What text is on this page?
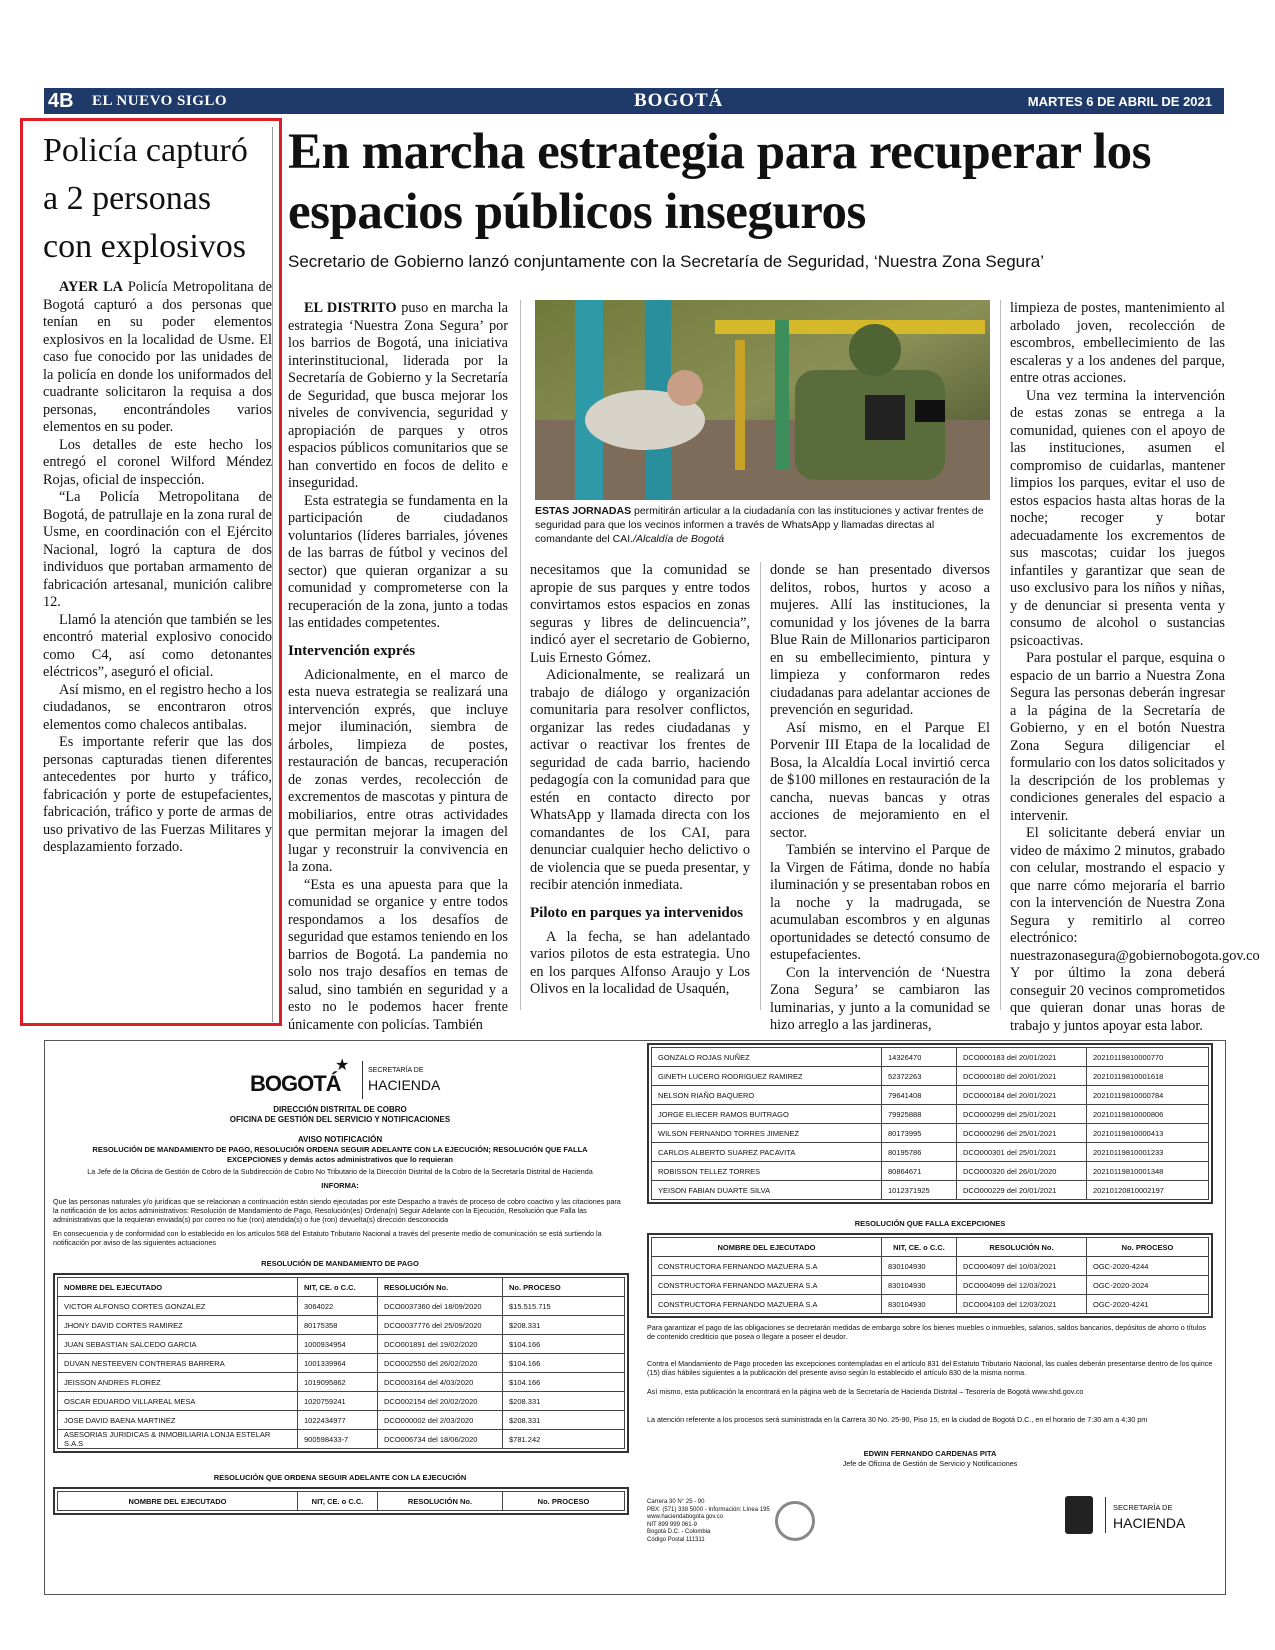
4B	EL NUEVO SIGLO	BOGOTÁ	MARTES 6 DE ABRIL DE 2021
Policía capturó a 2 personas con explosivos

AYER LA Policía Metropolitana de Bogotá capturó a dos personas que tenían en su poder elementos explosivos en la localidad de Usme. El caso fue conocido por las unidades de la policía en donde los uniformados del cuadrante solicitaron la requisa a dos personas, encontrándoles varios elementos en su poder.

Los detalles de este hecho los entregó el coronel Wilford Méndez Rojas, oficial de inspección.

“La Policía Metropolitana de Bogotá, de patrullaje en la zona rural de Usme, en coordinación con el Ejército Nacional, logró la captura de dos individuos que portaban armamento de fabricación artesanal, munición calibre 12.

Llamó la atención que también se les encontró material explosivo conocido como C4, así como detonantes eléctricos”, aseguró el oficial.

Así mismo, en el registro hecho a los ciudadanos, se encontraron otros elementos como chalecos antibalas.

Es importante referir que las dos personas capturadas tienen diferentes antecedentes por hurto y tráfico, fabricación y porte de estupefacientes, fabricación, tráfico y porte de armas de uso privativo de las Fuerzas Militares y desplazamiento forzado.

En marcha estrategia para recuperar los espacios públicos inseguros
Secretario de Gobierno lanzó conjuntamente con la Secretaría de Seguridad, ‘Nuestra Zona Segura’

EL DISTRITO puso en marcha la estrategia ‘Nuestra Zona Segura’ por los barrios de Bogotá, una iniciativa interinstitucional, liderada por la Secretaría de Gobierno y la Secretaría de Seguridad, que busca mejorar los niveles de convivencia, seguridad y apropiación de parques y otros espacios públicos comunitarios que se han convertido en focos de delito e inseguridad.

Esta estrategia se fundamenta en la participación de ciudadanos voluntarios (líderes barriales, jóvenes de las barras de fútbol y vecinos del sector) que quieran organizar a su comunidad y comprometerse con la recuperación de la zona, junto a todas las entidades competentes.

Intervención exprés

Adicionalmente, en el marco de esta nueva estrategia se realizará una intervención exprés, que incluye mejor iluminación, siembra de árboles, limpieza de postes, restauración de bancas, recuperación de zonas verdes, recolección de excrementos de mascotas y pintura de mobiliarios, entre otras actividades que permitan mejorar la imagen del lugar y reconstruir la convivencia en la zona.

“Esta es una apuesta para que la comunidad se organice y entre todos respondamos a los desafíos de seguridad que estamos teniendo en los barrios de Bogotá. La pandemia no solo nos trajo desafíos en temas de salud, sino también en seguridad y a esto no le podemos hacer frente únicamente con policías. También

ESTAS JORNADAS permitirán articular a la ciudadanía con las instituciones y activar frentes de seguridad para que los vecinos informen a través de WhatsApp y llamadas directas al comandante del CAI./Alcaldía de Bogotá

necesitamos que la comunidad se apropie de sus parques y entre todos convirtamos estos espacios en zonas seguras y libres de delincuencia”, indicó ayer el secretario de Gobierno, Luis Ernesto Gómez.

Adicionalmente, se realizará un trabajo de diálogo y organización comunitaria para resolver conflictos, organizar las redes ciudadanas y activar o reactivar los frentes de seguridad de cada barrio, haciendo pedagogía con la comunidad para que estén en contacto directo por WhatsApp y llamada directa con los comandantes de los CAI, para denunciar cualquier hecho delictivo o de violencia que se pueda presentar, y recibir atención inmediata.

Piloto en parques ya intervenidos

A la fecha, se han adelantado varios pilotos de esta estrategia. Uno en los parques Alfonso Araujo y Los Olivos en la localidad de Usaquén,

donde se han presentado diversos delitos, robos, hurtos y acoso a mujeres. Allí las instituciones, la comunidad y los jóvenes de la barra Blue Rain de Millonarios participaron en su embellecimiento, pintura y limpieza y conformaron redes ciudadanas para adelantar acciones de prevención en seguridad.

Así mismo, en el Parque El Porvenir III Etapa de la localidad de Bosa, la Alcaldía Local invirtió cerca de $100 millones en restauración de la cancha, nuevas bancas y otras acciones de mejoramiento en el sector.

También se intervino el Parque de la Virgen de Fátima, donde no había iluminación y se presentaban robos en la noche y la madrugada, se acumulaban escombros y en algunas oportunidades se detectó consumo de estupefacientes.

Con la intervención de ‘Nuestra Zona Segura’ se cambiaron las luminarias, y junto a la comunidad se hizo arreglo a las jardineras,

limpieza de postes, mantenimiento al arbolado joven, recolección de escombros, embellecimiento de las escaleras y a los andenes del parque, entre otras acciones.

Una vez termina la intervención de estas zonas se entrega a la comunidad, quienes con el apoyo de las instituciones, asumen el compromiso de cuidarlas, mantener limpios los parques, evitar el uso de estos espacios hasta altas horas de la noche; recoger y botar adecuadamente los excrementos de sus mascotas; cuidar los juegos infantiles y garantizar que sean de uso exclusivo para los niños y niñas, y de denunciar si presenta venta y consumo de alcohol o sustancias psicoactivas.

Para postular el parque, esquina o espacio de un barrio a Nuestra Zona Segura las personas deberán ingresar a la página de la Secretaría de Gobierno, y en el botón Nuestra Zona Segura diligenciar el formulario con los datos solicitados y la descripción de los problemas y condiciones generales del espacio a intervenir.

El solicitante deberá enviar un video de máximo 2 minutos, grabado con celular, mostrando el espacio y que narre cómo mejoraría el barrio con la intervención de Nuestra Zona Segura y remitirlo al correo electrónico: nuestrazonasegura@gobiernobogota.gov.co Y por último la zona deberá conseguir 20 vecinos comprometidos que quieran donar unas horas de trabajo y juntos apoyar esta labor.

BOGOTÁ
★	SECRETARÍA DE
HACIENDA
DIRECCIÓN DISTRITAL DE COBRO
OFICINA DE GESTIÓN DEL SERVICIO Y NOTIFICACIONES
AVISO NOTIFICACIÓN
RESOLUCIÓN DE MANDAMIENTO DE PAGO, RESOLUCIÓN ORDENA SEGUIR ADELANTE CON LA EJECUCIÓN; RESOLUCIÓN QUE FALLA EXCEPCIONES y demás actos administrativos que lo requieran
La Jefe de la Oficina de Gestión de Cobro de la Subdirección de Cobro No Tributario de la Dirección Distrital de la Cobro de la Secretaría Distrital de Hacienda
INFORMA:
Que las personas naturales y/o jurídicas que se relacionan a continuación están siendo ejecutadas por este Despacho a través de proceso de cobro coactivo y las citaciones para la notificación de los actos administrativos: Resolución de Mandamiento de Pago, Resolución(es) Ordena(n) Seguir Adelante con la Ejecución, Resolución que Falla las administrativas que la requieran enviada(s) por correo no fue (ron) atendida(s) o fue (ron) devuelta(s) dirección desconocida
En consecuencia y de conformidad con lo establecido en los artículos 568 del Estatuto Tributario Nacional a través del presente medio de comunicación se está surtiendo la notificación por aviso de las siguientes actuaciones
RESOLUCIÓN DE MANDAMIENTO DE PAGO
NOMBRE DEL EJECUTADO	NIT, CE. o C.C.	RESOLUCIÓN No.	No. PROCESO
VICTOR ALFONSO CORTES GONZALEZ	3064022	DCO0037360 del 18/09/2020	$15.515.715
JHONY DAVID CORTES RAMIREZ	80175358	DCO0037776 del 25/09/2020	$208.331
JUAN SEBASTIAN SALCEDO GARCIA	1000934954	DCO001891 del 19/02/2020	$104.166
DUVAN NESTEEVEN CONTRERAS BARRERA	1001339964	DCO002550 del 26/02/2020	$104.166
JEISSON ANDRES FLOREZ	1019095862	DCO003164 del 4/03/2020	$104.166
OSCAR EDUARDO VILLAREAL MESA	1020759241	DCO002154 del 20/02/2020	$208.331
JOSE DAVID BAENA MARTINEZ	1022434977	DCO000002 del 2/03/2020	$208.331
ASESORIAS JURIDICAS & INMOBILIARIA LONJA ESTELAR S.A.S	900598433-7	DCO006734 del 18/06/2020	$781.242
RESOLUCIÓN QUE ORDENA SEGUIR ADELANTE CON LA EJECUCIÓN
NOMBRE DEL EJECUTADO	NIT, CE. o C.C.	RESOLUCIÓN No.	No. PROCESO
GONZALO ROJAS NUÑEZ	14326470	DCO000183 del 20/01/2021	20210119810000770
GINETH LUCERO RODRIGUEZ RAMIREZ	52372263	DCO000180 del 20/01/2021	20210119810001618
NELSON RIAÑO BAQUERO	79641408	DCO000184 del 20/01/2021	20210119810000784
JORGE ELIECER RAMOS BUITRAGO	79925888	DCO000299 del 25/01/2021	20210119810000806
WILSON FERNANDO TORRES JIMENEZ	80173995	DCO000296 del 25/01/2021	20210119810000413
CARLOS ALBERTO SUAREZ PACAVITA	80195786	DCO000301 del 25/01/2021	20210119810001233
ROBISSON TELLEZ TORRES	80864671	DCO000320 del 26/01/2020	20210119810001348
YEISON FABIAN DUARTE SILVA	1012371925	DCO000229 del 20/01/2021	20210120810002197
RESOLUCIÓN QUE FALLA EXCEPCIONES
NOMBRE DEL EJECUTADO	NIT, CE. o C.C.	RESOLUCIÓN No.	No. PROCESO
CONSTRUCTORA FERNANDO MAZUERA S.A	830104930	DCO004097 del 10/03/2021	OGC-2020-4244
CONSTRUCTORA FERNANDO MAZUERA S.A	830104930	DCO004099 del 12/03/2021	OGC-2020-2024
CONSTRUCTORA FERNANDO MAZUERA S.A	830104930	DCO004103 del 12/03/2021	OGC-2020-4241
Para garantizar el pago de las obligaciones se decretarán medidas de embargo sobre los bienes muebles o inmuebles, salarios, saldos bancarios, depósitos de ahorro o títulos de contenido crediticio que posea o llegare a poseer el deudor.
Contra el Mandamiento de Pago proceden las excepciones contempladas en el artículo 831 del Estatuto Tributario Nacional, las cuales deberán presentarse dentro de los quince (15) días hábiles siguientes a la publicación del presente aviso según lo establecido el artículo 830 de la misma norma.
Así mismo, esta publicación la encontrará en la página web de la Secretaría de Hacienda Distrital – Tesorería de Bogotá www.shd.gov.co
La atención referente a los procesos será suministrada en la Carrera 30 No. 25-90, Piso 15, en la ciudad de Bogotá D.C., en el horario de 7:30 am a 4:30 pm
EDWIN FERNANDO CARDENAS PITA
Jefe de Oficina de Gestión de Servicio y Notificaciones
Carrera 30 N° 25 - 90
PBX: (571) 338 5000 - Información: Línea 195
www.haciendabogota.gov.co
NIT 899 999 061-9
Bogotá D.C. - Colombia
Código Postal 111311
SECRETARÍA DE
HACIENDA
